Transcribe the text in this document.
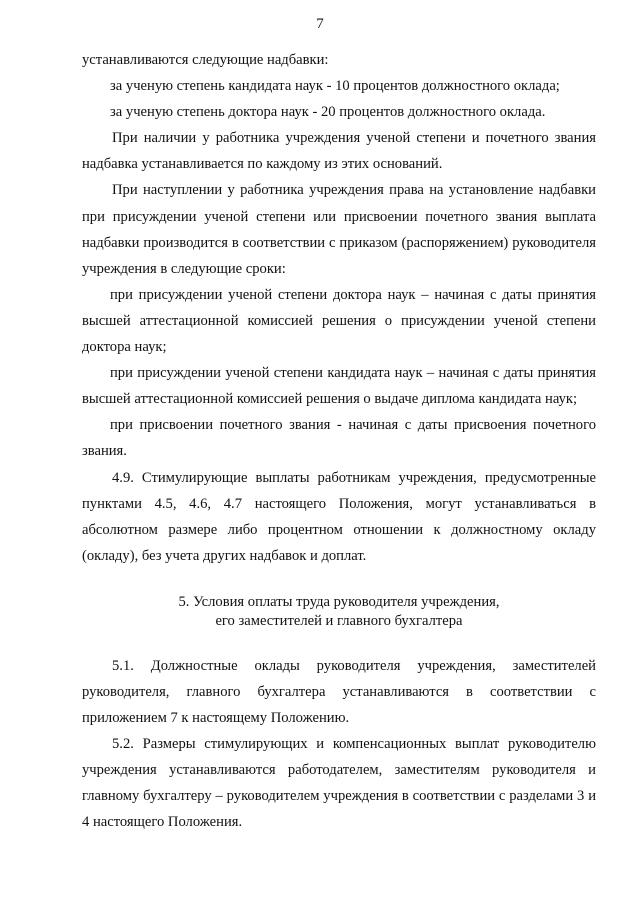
7

устанавливаются следующие надбавки:

за ученую степень кандидата наук - 10 процентов должностного оклада;

за ученую степень доктора наук - 20 процентов должностного оклада.

При наличии у работника учреждения ученой степени и почетного звания надбавка устанавливается по каждому из этих оснований.

При наступлении у работника учреждения права на установление надбавки при присуждении ученой степени или присвоении почетного звания выплата надбавки производится в соответствии с приказом (распоряжением) руководителя учреждения в следующие сроки:

при присуждении ученой степени доктора наук – начиная с даты принятия высшей аттестационной комиссией решения о присуждении ученой степени доктора наук;

при присуждении ученой степени кандидата наук – начиная с даты принятия высшей аттестационной комиссией решения о выдаче диплома кандидата наук;

при присвоении почетного звания - начиная с даты присвоения почетного звания.

4.9. Стимулирующие выплаты работникам учреждения, предусмотренные пунктами 4.5, 4.6, 4.7 настоящего Положения, могут устанавливаться в абсолютном размере либо процентном отношении к должностному окладу (окладу), без учета других надбавок и доплат.

5. Условия оплаты труда руководителя учреждения,
его заместителей и главного бухгалтера

5.1. Должностные оклады руководителя учреждения, заместителей руководителя, главного бухгалтера устанавливаются в соответствии с приложением 7 к настоящему Положению.

5.2. Размеры стимулирующих и компенсационных выплат руководителю учреждения устанавливаются работодателем, заместителям руководителя и главному бухгалтеру – руководителем учреждения в соответствии с разделами 3 и 4 настоящего Положения.
